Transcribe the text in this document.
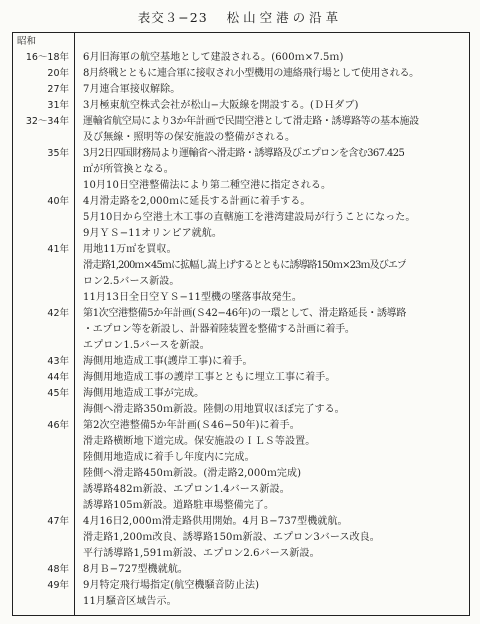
表交３−23 松山空港の沿革
昭和
16〜18年	6月旧海軍の航空基地として建設される。(600ｍ×7.5ｍ)
20年	8月終戦とともに連合軍に接収され小型機用の連絡飛行場として使用される。
27年	7月連合軍接収解除。
31年	3月極東航空株式会社が松山−大阪線を開設する。(ＤＨダブ)
32〜34年	運輸省航空局により3か年計画で民間空港として滑走路・誘導路等の基本施設
及び無線・照明等の保安施設の整備がされる。
35年	3月2日四国財務局より運輸省へ滑走路・誘導路及びエプロンを含む367.425
㎡が所管換となる。
10月10日空港整備法により第二種空港に指定される。
40年	4月滑走路を2,000ｍに延長する計画に着手する。
5月10日から空港土木工事の直轄施工を港湾建設局が行うことになった。
9月ＹＳ−11オリンピア就航。
41年	用地11万㎡を買収。
滑走路1,200ｍ×45ｍに拡幅し嵩上げするとともに誘導路150ｍ×23ｍ及びエプ
ロン2.5バース新設。
11月13日全日空ＹＳ−11型機の墜落事故発生。
42年	第1次空港整備5か年計画(Ｓ42−46年)の一環として、滑走路延長・誘導路
・エプロン等を新設し、計器着陸装置を整備する計画に着手。
エプロン1.5バースを新設。
43年	海側用地造成工事(護岸工事)に着手。
44年	海側用地造成工事の護岸工事とともに埋立工事に着手。
45年	海側用地造成工事が完成。
海側へ滑走路350ｍ新設。陸側の用地買収ほぼ完了する。
46年	第2次空港整備5か年計画(Ｓ46−50年)に着手。
滑走路横断地下道完成。保安施設のＩＬＳ等設置。
陸側用地造成に着手し年度内に完成。
陸側へ滑走路450ｍ新設。(滑走路2,000ｍ完成)
誘導路482ｍ新設、エプロン1.4バース新設。
誘導路105ｍ新設。道路駐車場整備完了。
47年	4月16日2,000ｍ滑走路供用開始。4月Ｂ−737型機就航。
滑走路1,200ｍ改良、誘導路150ｍ新設、エプロン3バース改良。
平行誘導路1,591ｍ新設、エプロン2.6バース新設。
48年	8月Ｂ−727型機就航。
49年	9月特定飛行場指定(航空機騒音防止法)
11月騒音区域告示。
